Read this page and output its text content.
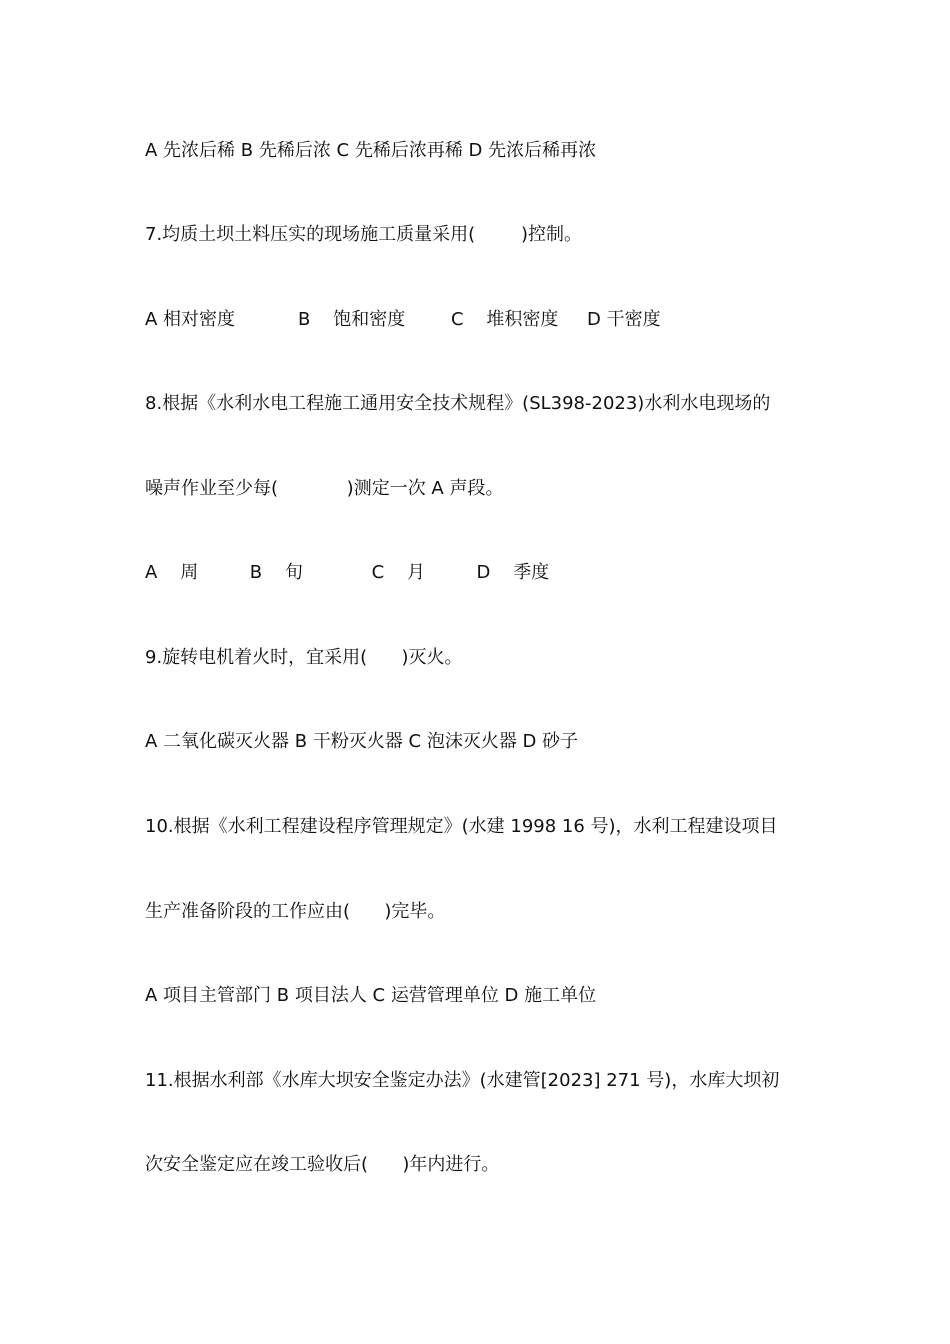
A 先浓后稀 B 先稀后浓 C 先稀后浓再稀 D 先浓后稀再浓
7.均质土坝土料压实的现场施工质量采用(        )控制。
A 相对密度           B    饱和密度        C    堆积密度     D 干密度
8.根据《水利水电工程施工通用安全技术规程》(SL398-2023)水利水电现场的
噪声作业至少每(            )测定一次 A 声段。
A    周         B    旬            C    月         D    季度
9.旋转电机着火时，宜采用(      )灭火。
A 二氧化碳灭火器 B 干粉灭火器 C 泡沫灭火器 D 砂子
10.根据《水利工程建设程序管理规定》(水建 1998 16 号)，水利工程建设项目
生产准备阶段的工作应由(      )完毕。
A 项目主管部门 B 项目法人 C 运营管理单位 D 施工单位
11.根据水利部《水库大坝安全鉴定办法》(水建管[2023] 271 号)，水库大坝初
次安全鉴定应在竣工验收后(      )年内进行。
